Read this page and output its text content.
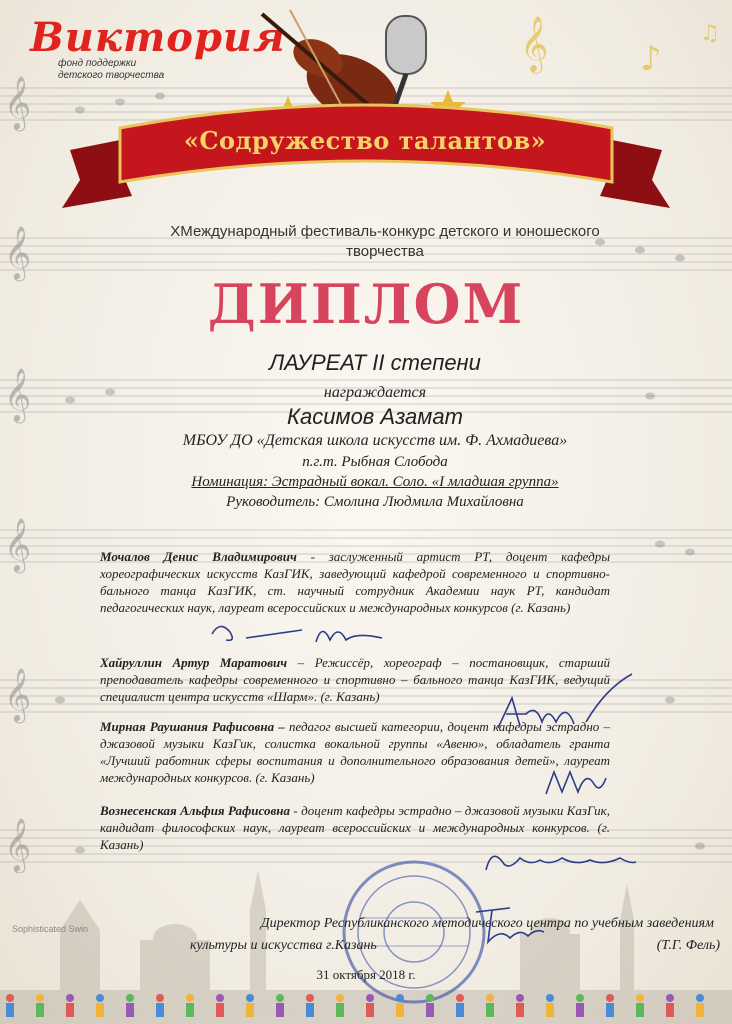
𝄞
𝄞
𝄞
𝄞
𝄞
𝄞
𝄞	♪
♫
Виктория
фонд поддержки
детского творчества
«Содружество талантов»
XМеждународный фестиваль-конкурс детского и юношеского
творчества
ДИПЛОМ
ЛАУРЕАТ II степени
награждается
Касимов Азамат
МБОУ ДО «Детская школа искусств им. Ф. Ахмадиева»
п.г.т. Рыбная Слобода
Номинация: Эстрадный вокал. Соло. «I младшая группа»
Руководитель: Смолина Людмила Михайловна
Мочалов Денис Владимирович - заслуженный артист РТ, доцент кафедры хореографических искусств КазГИК, заведующий кафедрой современного и спортивно-бального танца КазГИК, ст. научный сотрудник Академии наук РТ, кандидат педагогических наук, лауреат всероссийских и международных конкурсов (г. Казань)
Хайруллин Артур Маратович – Режиссёр, хореограф – постановщик, старший преподаватель кафедры современного и спортивно – бального танца КазГИК, ведущий специалист центра искусств «Шарм». (г. Казань)
Мирная Раушания Рафисовна – педагог высшей категории, доцент кафедры эстрадно – джазовой музыки КазГик, солистка вокальной группы «Авеню», обладатель гранта «Лучший работник сферы воспитания и дополнительного образования детей», лауреат международных конкурсов. (г. Казань)
Вознесенская Альфия Рафисовна - доцент кафедры эстрадно – джазовой музыки КазГик, кандидат философских наук, лауреат всероссийских и международных конкурсов. (г. Казань)
Директор Республиканского методического центра по учебным заведениям
культуры и искусства г.Казань	(Т.Г. Фель)
31 октября 2018 г.
Sophisticated Swin
